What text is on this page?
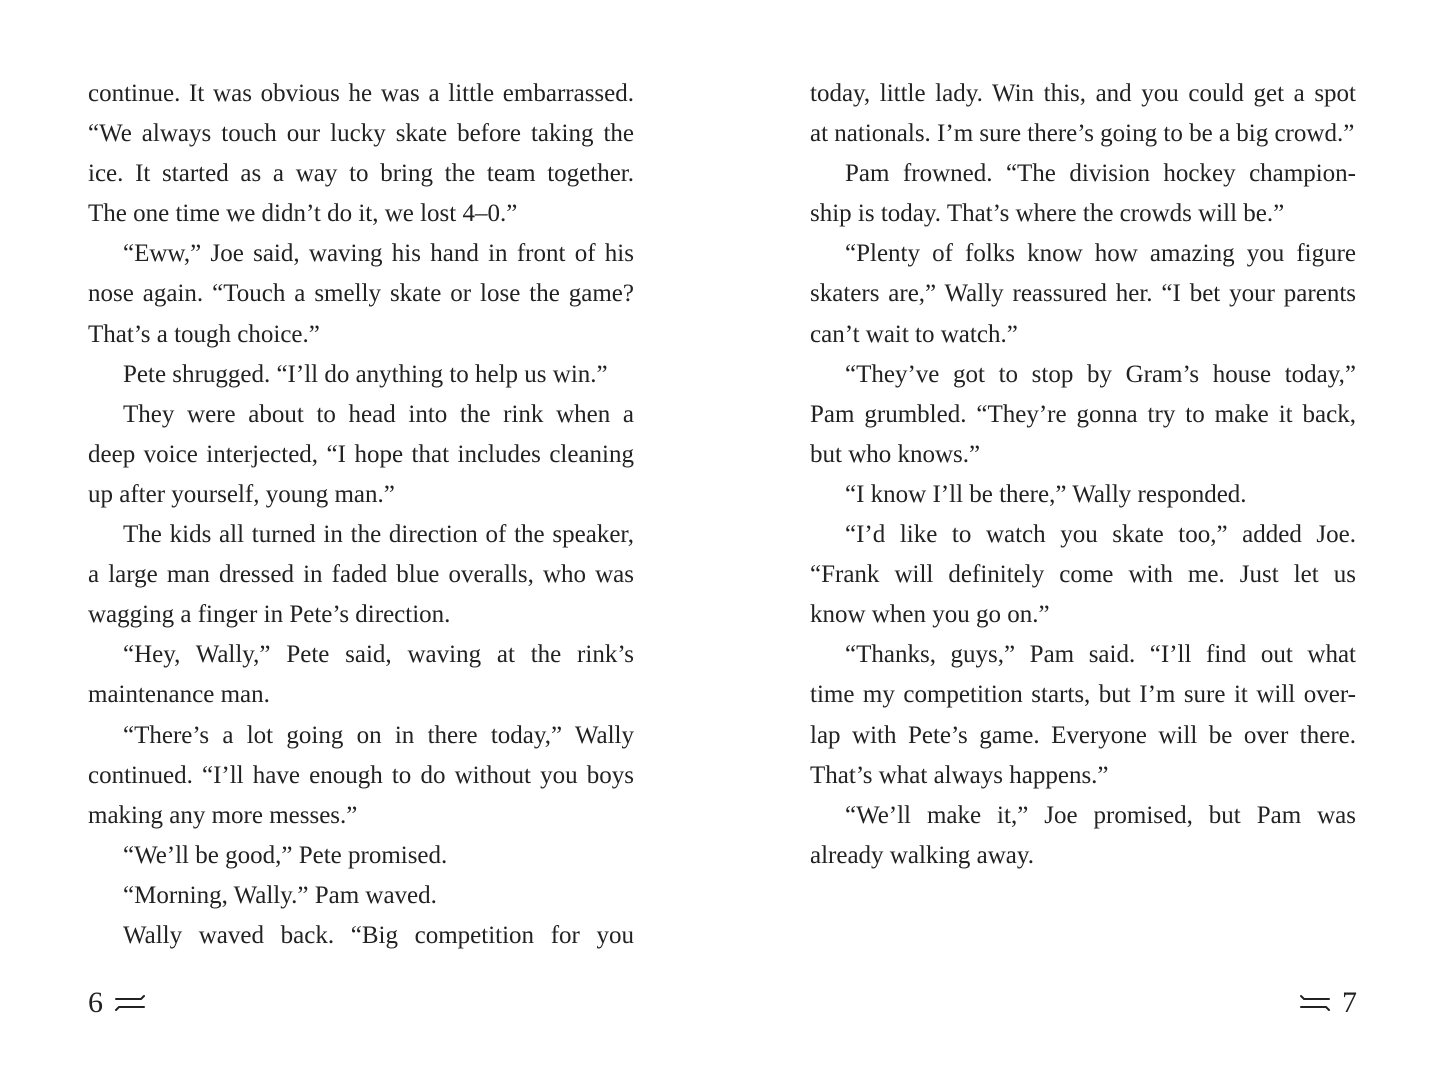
continue. It was obvious he was a little embarrassed.
“We always touch our lucky skate before taking the
ice. It started as a way to bring the team together.
The one time we didn’t do it, we lost 4–0.”
“Eww,” Joe said, waving his hand in front of his
nose again. “Touch a smelly skate or lose the game?
That’s a tough choice.”
Pete shrugged. “I’ll do anything to help us win.”
They were about to head into the rink when a
deep voice interjected, “I hope that includes cleaning
up after yourself, young man.”
The kids all turned in the direction of the speaker,
a large man dressed in faded blue overalls, who was
wagging a finger in Pete’s direction.
“Hey, Wally,” Pete said, waving at the rink’s
maintenance man.
“There’s a lot going on in there today,” Wally
continued. “I’ll have enough to do without you boys
making any more messes.”
“We’ll be good,” Pete promised.
“Morning, Wally.” Pam waved.
Wally waved back. “Big competition for you
today, little lady. Win this, and you could get a spot
at nationals. I’m sure there’s going to be a big crowd.”
Pam frowned. “The division hockey champion-
ship is today. That’s where the crowds will be.”
“Plenty of folks know how amazing you figure
skaters are,” Wally reassured her. “I bet your parents
can’t wait to watch.”
“They’ve got to stop by Gram’s house today,”
Pam grumbled. “They’re gonna try to make it back,
but who knows.”
“I know I’ll be there,” Wally responded.
“I’d like to watch you skate too,” added Joe.
“Frank will definitely come with me. Just let us
know when you go on.”
“Thanks, guys,” Pam said. “I’ll find out what
time my competition starts, but I’m sure it will over-
lap with Pete’s game. Everyone will be over there.
That’s what always happens.”
“We’ll make it,” Joe promised, but Pam was
already walking away.
6	7
